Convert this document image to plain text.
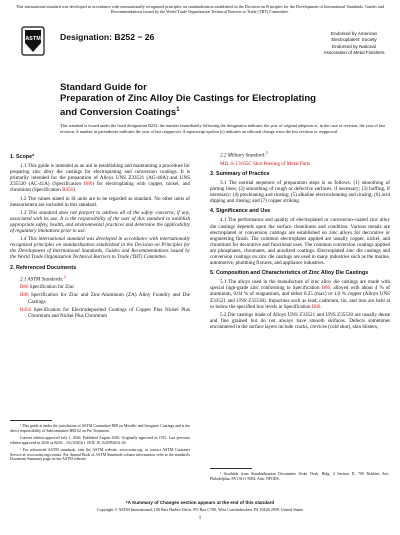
This international standard was developed in accordance with internationally recognized principles on standardization established in the Decision on Principles for the Development of International Standards, Guides and Recommendations issued by the World Trade Organization Technical Barriers to Trade (TBT) Committee.
ASTM Designation: B252 − 26	Endorsed by American
Electroplaters' Society
Endorsed by National
Association of Metal Finishers
Standard Guide for
Preparation of Zinc Alloy Die Castings for Electroplating
and Conversion Coatings$^1$
This standard is issued under the fixed designation B252; the number immediately following the designation indicates the year of original adoption or, in the case of revision, the year of last revision. A number in parentheses indicates the year of last reapproval. A superscript epsilon (ε) indicates an editorial change since the last revision or reapproval.
1. Scope*

1.1 This guide is intended as an aid in establishing and maintaining a procedure for preparing zinc alloy die castings for electroplating and conversion coatings. It is primarily intended for the preparation of Alloys UNS Z33521 (AG-40A) and UNS Z35530 (AC-41A) (Specification B86) for electroplating with copper, nickel, and chromium (Specification B456).

1.2 The values stated in SI units are to be regarded as standard. No other units of measurement are included in this standard.

1.3 This standard does not purport to address all of the safety concerns, if any, associated with its use. It is the responsibility of the user of this standard to establish appropriate safety, health, and environmental practices and determine the applicability of regulatory limitations prior to use.

1.4 This international standard was developed in accordance with internationally recognized principles on standardization established in the Decision on Principles for the Development of International Standards, Guides and Recommendations issued by the World Trade Organization Technical Barriers to Trade (TBT) Committee.

2. Referenced Documents

2.1 ASTM Standards:$^2$

B86 Specification for Zinc

B86 Specification for Zinc and Zinc-Aluminum (ZA) Alloy Foundry and Die Castings

B456 Specification for Electrodeposited Coatings of Copper Plus Nickel Plus Chromium and Nickel Plus Chromium

¹ This guide is under the jurisdiction of ASTM Committee B08 on Metallic and Inorganic Coatings and is the direct responsibility of Subcommittee B08.02 on Pre Treatment.

Current edition approved July 1, 2026. Published August 2026. Originally approved in 1951. Last previous edition approved in 2020 as B252 – 92 (2020)ε1. DOI: 10.1520/B0252-26.

² For referenced ASTM standards, visit the ASTM website, www.astm.org, or contact ASTM Customer Service at www.astm.org/contact. For Annual Book of ASTM Standards volume information, refer to the standard's Document Summary page on the ASTM website.

2.2 Military Standard:$^3$

MIL-S-13165C Shot Peening of Metal Parts

3. Summary of Practice

3.1 The normal sequence of preparation steps is as follows: (1) smoothing of parting lines; (2) smoothing of rough or defective surfaces, if necessary; (3) buffing, if necessary; (4) precleaning and rinsing; (5) alkaline electrocleaning and rinsing; (6) acid dipping and rinsing; and (7) copper striking.

4. Significance and Use

4.1 The performance and quality of electroplated or conversion-coated zinc alloy die castings depends upon the surface cleanliness and condition. Various metals are electroplated or conversion coatings are established on zinc alloys for decorative or engineering finish. The common electroplates applied are usually copper, nickel, and chromium for decorative and functional uses. The common conversion coatings applied are phosphates, chromates, and anodized coatings. Electroplated zinc die castings and conversion coatings on zinc die castings are used in many industries such as the marine, automotive, plumbing fixtures, and appliance industries.

5. Composition and Characteristics of Zinc Alloy Die Castings

5.1 The alloys used in the manufacture of zinc alloy die castings are made with special high-grade zinc conforming to Specification B86, alloyed with about 4 % of aluminum, 0.04 % of magnesium, and either 0.25 (max) or 1.0 % copper (Alloys UNS Z33521 and UNS Z35530). Impurities such as lead, cadmium, tin, and iron are held at or below the specified low levels in Specification B86.

5.2 Die castings made of Alloys UNS Z33521 and UNS Z35530 are usually dense and fine grained but do not always have smooth surfaces. Defects sometimes encountered in the surface layers include cracks, crevices (cold shut), skin blisters,

³ Available from Standardization Documents Order Desk, Bldg. 4 Section D, 700 Robbins Ave., Philadelphia, PA 19111-5094, Attn: NPODS.

*A Summary of Changes section appears at the end of this standard
Copyright © ASTM International, 100 Barr Harbor Drive, PO Box C700, West Conshohocken, PA 19428-2959. United States
1
